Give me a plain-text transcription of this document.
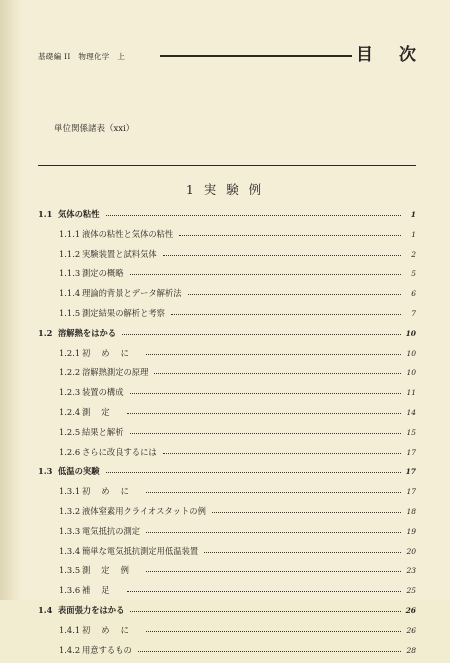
基礎編 II　物理化学　上	目次
単位関係諸表（xxi）
1 実 験 例
1.1 気体の粘性	1
1.1.1 液体の粘性と気体の粘性	1
1.1.2 実験装置と試料気体	2
1.1.3 測定の概略	5
1.1.4 理論的背景とデータ解析法	6
1.1.5 測定結果の解析と考察	7
1.2 溶解熱をはかる	10
1.2.1 初めに	10
1.2.2 溶解熱測定の原理	10
1.2.3 装置の構成	11
1.2.4 測定	14
1.2.5 結果と解析	15
1.2.6 さらに改良するには	17
1.3 低温の実験	17
1.3.1 初めに	17
1.3.2 液体窒素用クライオスタットの例	18
1.3.3 電気抵抗の測定	19
1.3.4 簡単な電気抵抗測定用低温装置	20
1.3.5 測定例	23
1.3.6 補足	25
1.4 表面張力をはかる	26
1.4.1 初めに	26
1.4.2 用意するもの	28
